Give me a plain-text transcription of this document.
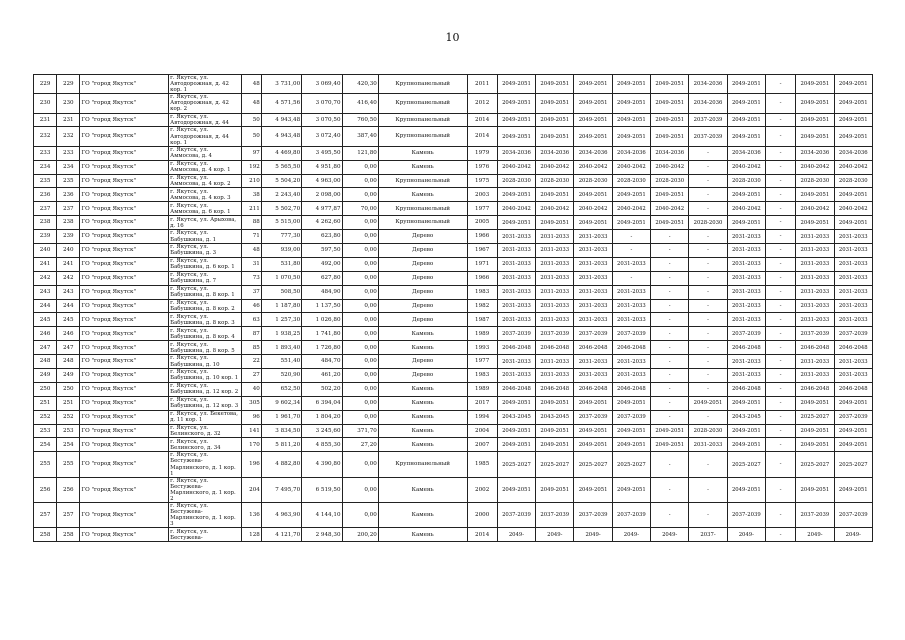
10
229	229	ГО "город Якутск"	г. Якутск, ул. Автодорожная, д. 42 кор. 1	48	3 731,00	3 069,40	420,30	Крупнопанельный	2011	2049-2051	2049-2051	2049-2051	2049-2051	2049-2051	2034-2036	2049-2051	-	2049-2051	2049-2051
230	230	ГО "город Якутск"	г. Якутск, ул. Автодорожная, д. 42 кор. 2	48	4 571,56	3 070,70	416,40	Крупнопанельный	2012	2049-2051	2049-2051	2049-2051	2049-2051	2049-2051	2034-2036	2049-2051	-	2049-2051	2049-2051
231	231	ГО "город Якутск"	г. Якутск, ул. Автодорожная, д. 44	50	4 943,48	3 070,50	760,50	Крупнопанельный	2014	2049-2051	2049-2051	2049-2051	2049-2051	2049-2051	2037-2039	2049-2051	-	2049-2051	2049-2051
232	232	ГО "город Якутск"	г. Якутск, ул. Автодорожная, д. 44 кор. 1	50	4 943,48	3 072,40	387,40	Крупнопанельный	2014	2049-2051	2049-2051	2049-2051	2049-2051	2049-2051	2037-2039	2049-2051	-	2049-2051	2049-2051
233	233	ГО "город Якутск"	г. Якутск, ул. Аммосова, д. 4	97	4 469,80	3 495,50	121,80	Камень	1979	2034-2036	2034-2036	2034-2036	2034-2036	2034-2036	-	2034-2036	-	2034-2036	2034-2036
234	234	ГО "город Якутск"	г. Якутск, ул. Аммосова, д. 4 кор. 1	192	5 565,50	4 951,80	0,00	Камень	1976	2040-2042	2040-2042	2040-2042	2040-2042	2040-2042	-	2040-2042	-	2040-2042	2040-2042
235	235	ГО "город Якутск"	г. Якутск, ул. Аммосова, д. 4 кор. 2	210	5 504,20	4 963,00	0,00	Крупнопанельный	1975	2028-2030	2028-2030	2028-2030	2028-2030	2028-2030	-	2028-2030	-	2028-2030	2028-2030
236	236	ГО "город Якутск"	г. Якутск, ул. Аммосова, д. 4 кор. 3	38	2 243,40	2 098,00	0,00	Камень	2003	2049-2051	2049-2051	2049-2051	2049-2051	2049-2051	-	2049-2051	-	2049-2051	2049-2051
237	237	ГО "город Якутск"	г. Якутск, ул. Аммосова, д. 6 кор. 1	211	5 502,70	4 977,87	70,00	Крупнопанельный	1977	2040-2042	2040-2042	2040-2042	2040-2042	2040-2042	-	2040-2042	-	2040-2042	2040-2042
238	238	ГО "город Якутск"	г. Якутск, ул. Арыхова, д. 16	88	5 515,00	4 262,60	0,00	Крупнопанельный	2005	2049-2051	2049-2051	2049-2051	2049-2051	2049-2051	2028-2030	2049-2051	-	2049-2051	2049-2051
239	239	ГО "город Якутск"	г. Якутск, ул. Бабушкина, д. 1	71	777,30	623,80	0,00	Дерево	1966	2031-2033	2031-2033	2031-2033	-	-	-	2031-2033	-	2031-2033	2031-2033
240	240	ГО "город Якутск"	г. Якутск, ул. Бабушкина, д. 3	48	939,00	597,50	0,00	Дерево	1967	2031-2033	2031-2033	2031-2033	-	-	-	2031-2033	-	2031-2033	2031-2033
241	241	ГО "город Якутск"	г. Якутск, ул. Бабушкина, д. 6 кор. 1	31	531,80	492,00	0,00	Дерево	1971	2031-2033	2031-2033	2031-2033	2031-2033	-	-	2031-2033	-	2031-2033	2031-2033
242	242	ГО "город Якутск"	г. Якутск, ул. Бабушкина, д. 7	73	1 070,50	627,80	0,00	Дерево	1966	2031-2033	2031-2033	2031-2033	-	-	-	2031-2033	-	2031-2033	2031-2033
243	243	ГО "город Якутск"	г. Якутск, ул. Бабушкина, д. 8 кор. 1	37	508,50	484,90	0,00	Дерево	1983	2031-2033	2031-2033	2031-2033	2031-2033	-	-	2031-2033	-	2031-2033	2031-2033
244	244	ГО "город Якутск"	г. Якутск, ул. Бабушкина, д. 8 кор. 2	46	1 187,80	1 137,50	0,00	Дерево	1982	2031-2033	2031-2033	2031-2033	2031-2033	-	-	2031-2033	-	2031-2033	2031-2033
245	245	ГО "город Якутск"	г. Якутск, ул. Бабушкина, д. 8 кор. 3	63	1 257,30	1 026,80	0,00	Дерево	1987	2031-2033	2031-2033	2031-2033	2031-2033	-	-	2031-2033	-	2031-2033	2031-2033
246	246	ГО "город Якутск"	г. Якутск, ул. Бабушкина, д. 8 кор. 4	87	1 938,25	1 741,80	0,00	Камень	1989	2037-2039	2037-2039	2037-2039	2037-2039	-	-	2037-2039	-	2037-2039	2037-2039
247	247	ГО "город Якутск"	г. Якутск, ул. Бабушкина, д. 8 кор. 5	85	1 893,40	1 726,80	0,00	Камень	1993	2046-2048	2046-2048	2046-2048	2046-2048	-	-	2046-2048	-	2046-2048	2046-2048
248	248	ГО "город Якутск"	г. Якутск, ул. Бабушкина, д. 10	22	551,40	484,70	0,00	Дерево	1977	2031-2033	2031-2033	2031-2033	2031-2033	-	-	2031-2033	-	2031-2033	2031-2033
249	249	ГО "город Якутск"	г. Якутск, ул. Бабушкина, д. 10 кор. 1	27	520,90	461,20	0,00	Дерево	1983	2031-2033	2031-2033	2031-2033	2031-2033	-	-	2031-2033	-	2031-2033	2031-2033
250	250	ГО "город Якутск"	г. Якутск, ул. Бабушкина, д. 12 кор. 2	40	652,50	502,20	0,00	Камень	1989	2046-2048	2046-2048	2046-2048	2046-2048	-	-	2046-2048	-	2046-2048	2046-2048
251	251	ГО "город Якутск"	г. Якутск, ул. Бабушкина, д. 12 кор. 3	305	9 602,34	6 394,04	0,00	Камень	2017	2049-2051	2049-2051	2049-2051	2049-2051	-	2049-2051	2049-2051	-	2049-2051	2049-2051
252	252	ГО "город Якутск"	г. Якутск, ул. Бекетова, д. 11 кор. 1	96	1 961,70	1 804,20	0,00	Камень	1994	2043-2045	2043-2045	2037-2039	2037-2039	-	-	2043-2045	-	2025-2027	2037-2039
253	253	ГО "город Якутск"	г. Якутск, ул. Белинского, д. 32	141	3 834,50	3 245,60	371,70	Камень	2004	2049-2051	2049-2051	2049-2051	2049-2051	2049-2051	2028-2030	2049-2051	-	2049-2051	2049-2051
254	254	ГО "город Якутск"	г. Якутск, ул. Белинского, д. 34	170	5 811,20	4 855,30	27,20	Камень	2007	2049-2051	2049-2051	2049-2051	2049-2051	2049-2051	2031-2033	2049-2051	-	2049-2051	2049-2051
255	255	ГО "город Якутск"	г. Якутск, ул. Бестужева-Марлинского, д. 1 кор. 1	196	4 882,80	4 390,80	0,00	Крупнопанельный	1985	2025-2027	2025-2027	2025-2027	2025-2027	-	-	2025-2027	-	2025-2027	2025-2027
256	256	ГО "город Якутск"	г. Якутск, ул. Бестужева-Марлинского, д. 1 кор. 2	204	7 495,70	6 519,50	0,00	Камень	2002	2049-2051	2049-2051	2049-2051	2049-2051	-	-	2049-2051	-	2049-2051	2049-2051
257	257	ГО "город Якутск"	г. Якутск, ул. Бестужева-Марлинского, д. 1 кор. 3	136	4 963,90	4 144,10	0,00	Камень	2000	2037-2039	2037-2039	2037-2039	2037-2039	-	-	2037-2039	-	2037-2039	2037-2039
258	258	ГО "город Якутск"	г. Якутск, ул. Бестужева-	128	4 121,70	2 948,30	200,20	Камень	2014	2049-	2049-	2049-	2049-	2049-	2037-	2049-	-	2049-	2049-
